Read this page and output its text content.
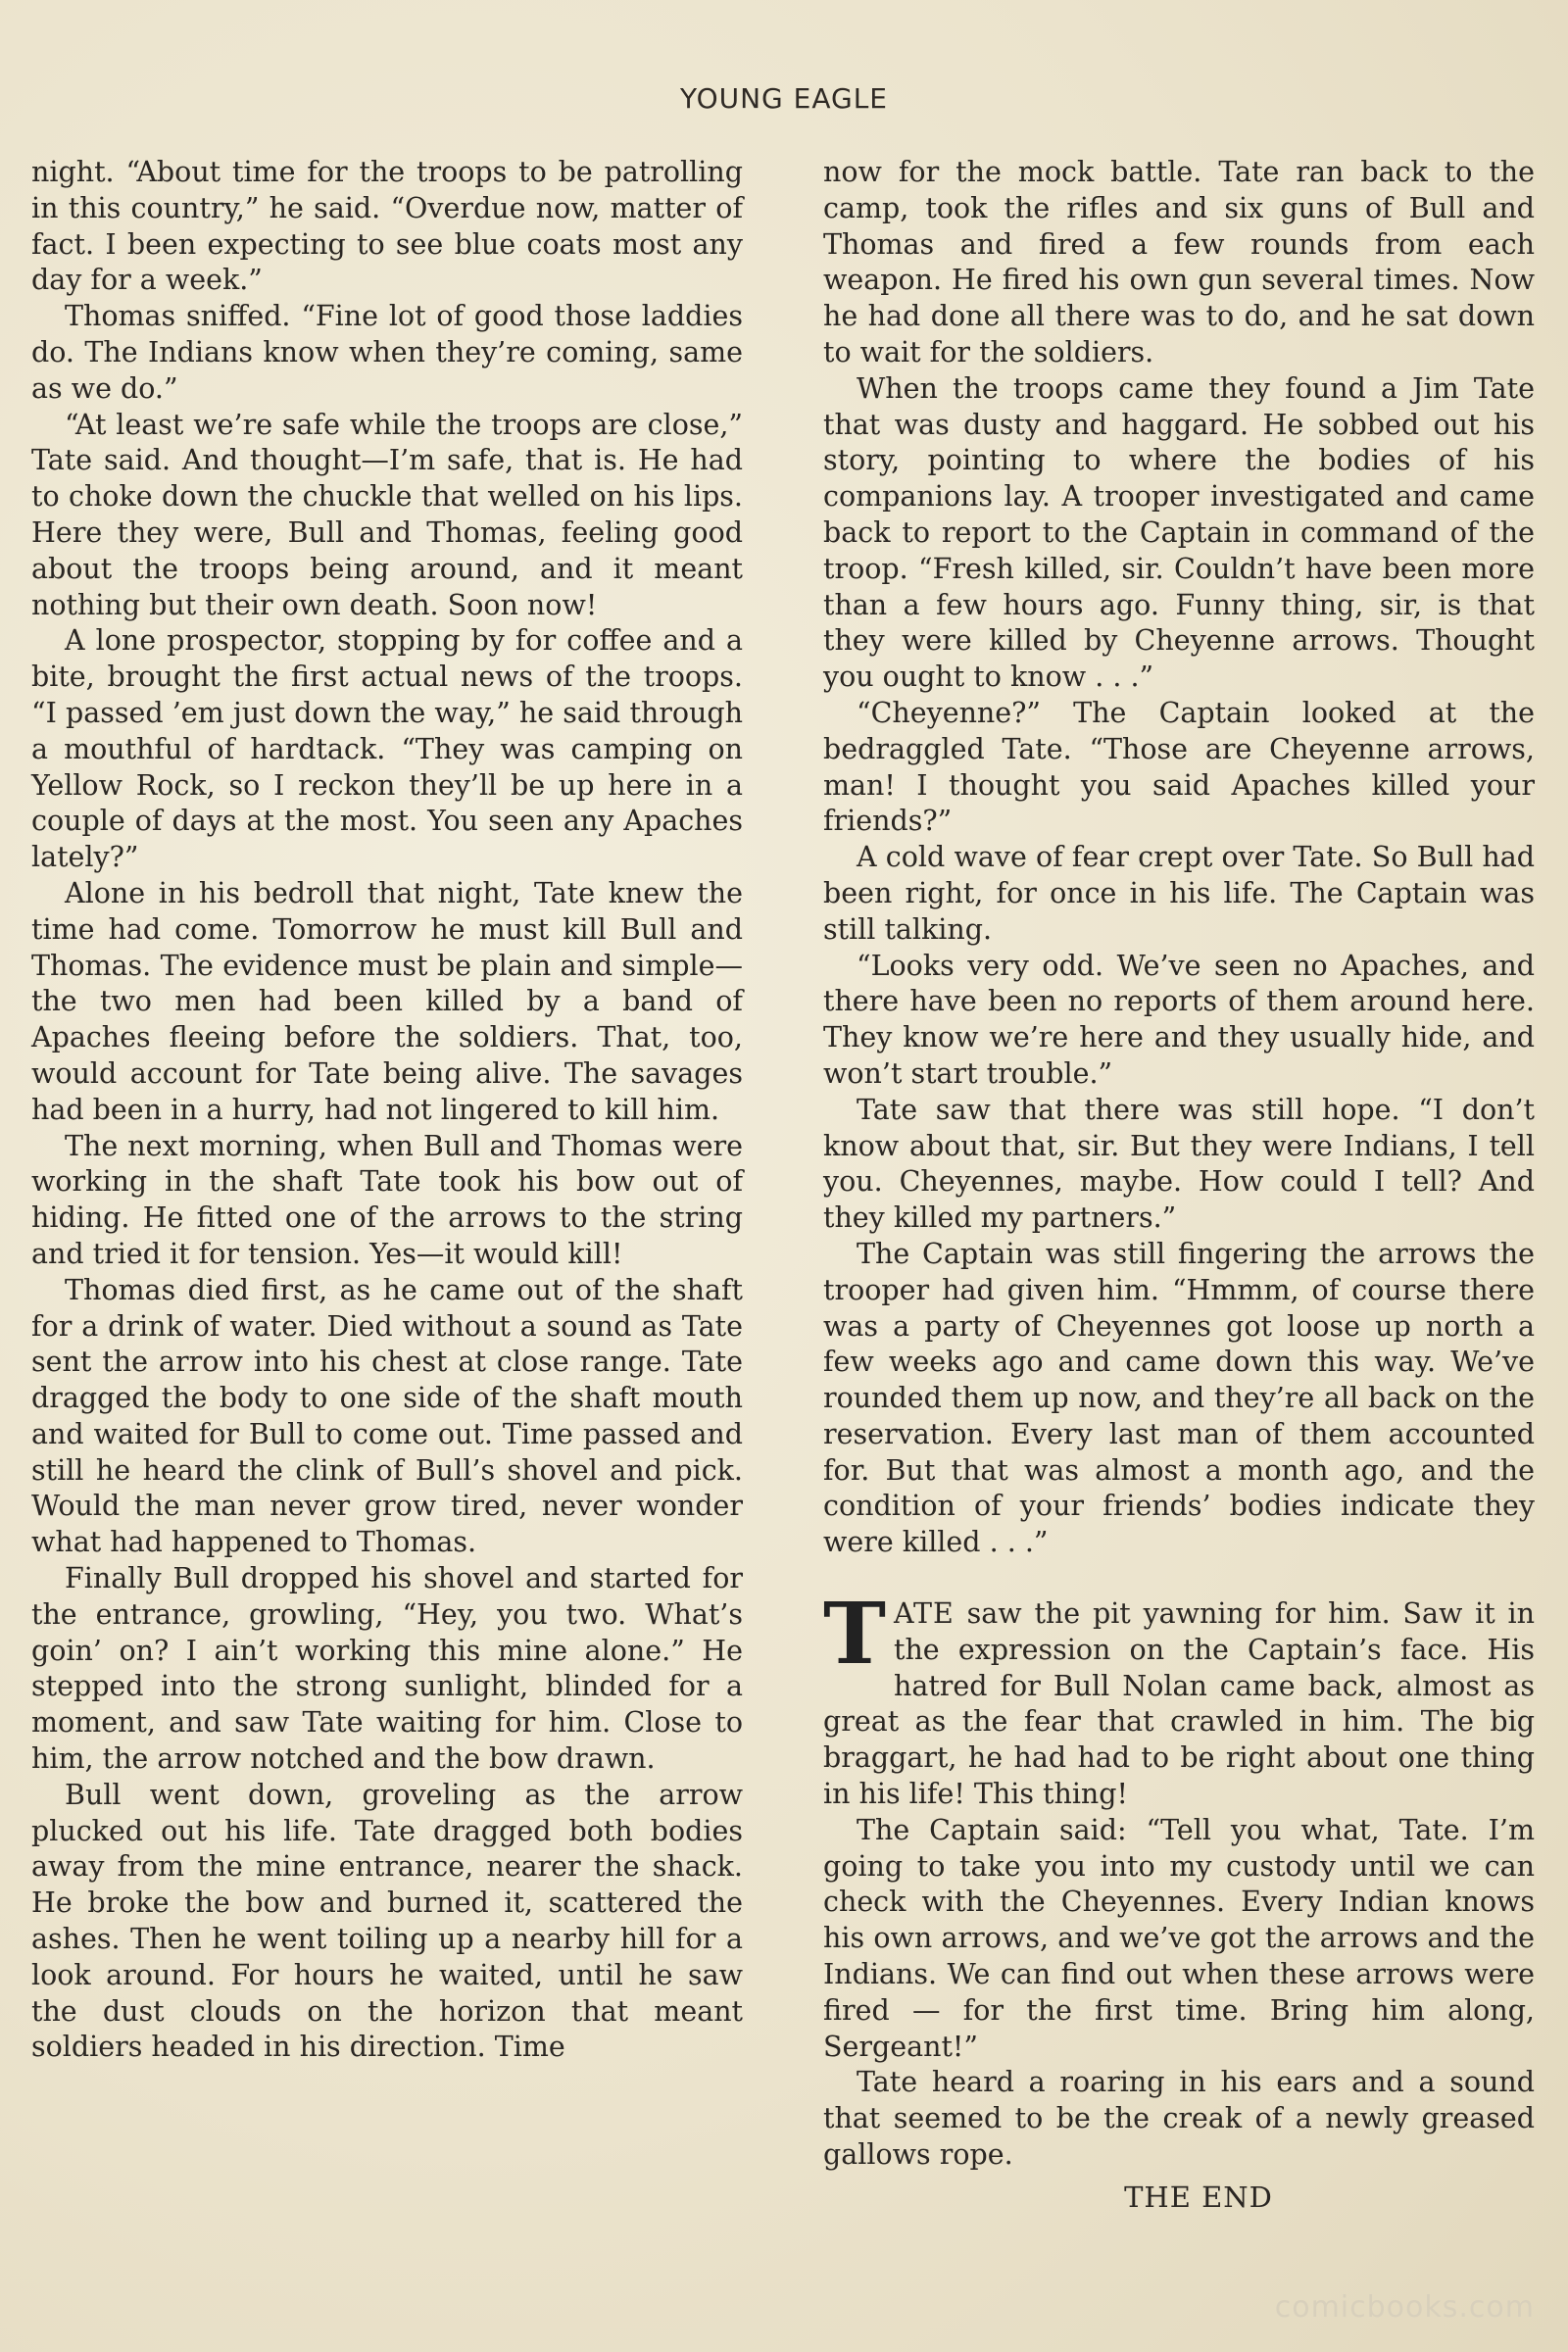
YOUNG EAGLE

night. “About time for the troops to be patrolling in this country,” he said. “Overdue now, matter of fact. I been expecting to see blue coats most any day for a week.”

Thomas sniffed. “Fine lot of good those laddies do. The Indians know when they’re coming, same as we do.”

“At least we’re safe while the troops are close,” Tate said. And thought—I’m safe, that is. He had to choke down the chuckle that welled on his lips. Here they were, Bull and Thomas, feeling good about the troops being around, and it meant nothing but their own death. Soon now!

A lone prospector, stopping by for coffee and a bite, brought the first actual news of the troops. “I passed ’em just down the way,” he said through a mouthful of hardtack. “They was camping on Yellow Rock, so I reckon they’ll be up here in a couple of days at the most. You seen any Apaches lately?”

Alone in his bedroll that night, Tate knew the time had come. Tomorrow he must kill Bull and Thomas. The evidence must be plain and simple—the two men had been killed by a band of Apaches fleeing before the soldiers. That, too, would account for Tate being alive. The savages had been in a hurry, had not lingered to kill him.

The next morning, when Bull and Thomas were working in the shaft Tate took his bow out of hiding. He fitted one of the arrows to the string and tried it for tension. Yes—it would kill!

Thomas died first, as he came out of the shaft for a drink of water. Died without a sound as Tate sent the arrow into his chest at close range. Tate dragged the body to one side of the shaft mouth and waited for Bull to come out. Time passed and still he heard the clink of Bull’s shovel and pick. Would the man never grow tired, never wonder what had happened to Thomas.

Finally Bull dropped his shovel and started for the entrance, growling, “Hey, you two. What’s goin’ on? I ain’t working this mine alone.” He stepped into the strong sunlight, blinded for a moment, and saw Tate waiting for him. Close to him, the arrow notched and the bow drawn.

Bull went down, groveling as the arrow plucked out his life. Tate dragged both bodies away from the mine entrance, nearer the shack. He broke the bow and burned it, scattered the ashes. Then he went toiling up a nearby hill for a look around. For hours he waited, until he saw the dust clouds on the horizon that meant soldiers headed in his direction. Time

now for the mock battle. Tate ran back to the camp, took the rifles and six guns of Bull and Thomas and fired a few rounds from each weapon. He fired his own gun several times. Now he had done all there was to do, and he sat down to wait for the soldiers.

When the troops came they found a Jim Tate that was dusty and haggard. He sobbed out his story, pointing to where the bodies of his companions lay. A trooper investigated and came back to report to the Captain in command of the troop. “Fresh killed, sir. Couldn’t have been more than a few hours ago. Funny thing, sir, is that they were killed by Cheyenne arrows. Thought you ought to know . . .”

“Cheyenne?” The Captain looked at the bedraggled Tate. “Those are Cheyenne arrows, man! I thought you said Apaches killed your friends?”

A cold wave of fear crept over Tate. So Bull had been right, for once in his life. The Captain was still talking.

“Looks very odd. We’ve seen no Apaches, and there have been no reports of them around here. They know we’re here and they usually hide, and won’t start trouble.”

Tate saw that there was still hope. “I don’t know about that, sir. But they were Indians, I tell you. Cheyennes, maybe. How could I tell? And they killed my partners.”

The Captain was still fingering the arrows the trooper had given him. “Hmmm, of course there was a party of Cheyennes got loose up north a few weeks ago and came down this way. We’ve rounded them up now, and they’re all back on the reservation. Every last man of them accounted for. But that was almost a month ago, and the condition of your friends’ bodies indicate they were killed . . .”

TATE saw the pit yawning for him. Saw it in the expression on the Captain’s face. His hatred for Bull Nolan came back, almost as great as the fear that crawled in him. The big braggart, he had had to be right about one thing in his life! This thing!

The Captain said: “Tell you what, Tate. I’m going to take you into my custody until we can check with the Cheyennes. Every Indian knows his own arrows, and we’ve got the arrows and the Indians. We can find out when these arrows were fired — for the first time. Bring him along, Sergeant!”

Tate heard a roaring in his ears and a sound that seemed to be the creak of a newly greased gallows rope.

THE END
comicbooks.com
